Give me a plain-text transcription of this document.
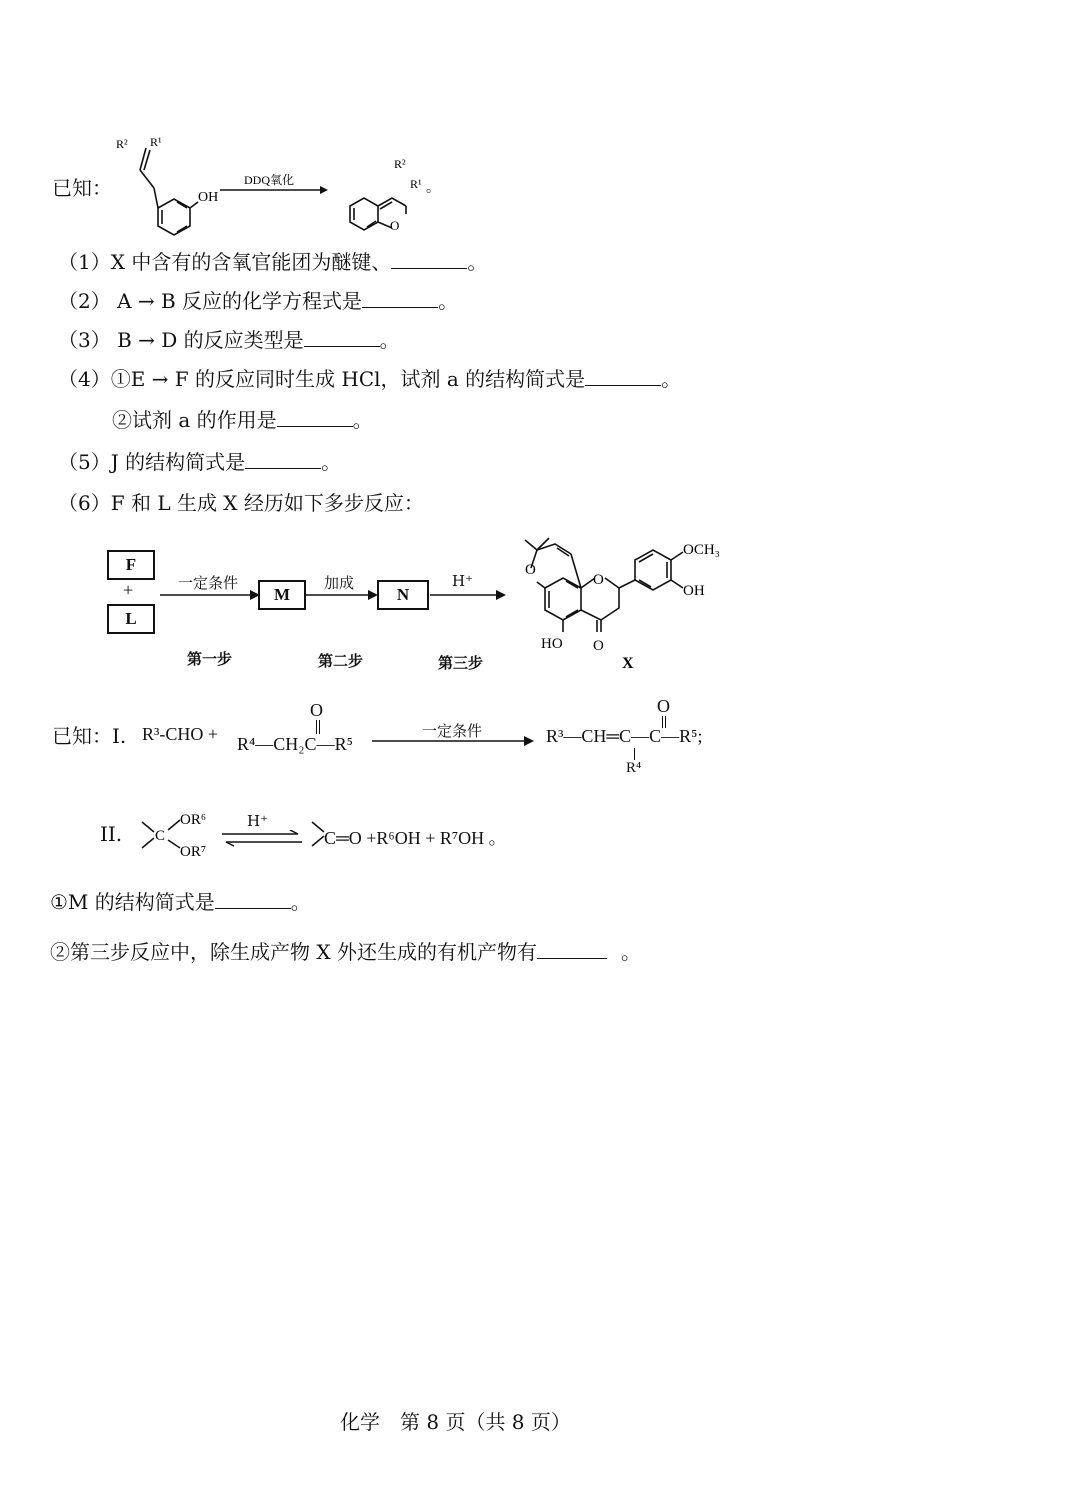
已知：	OH
R² R¹
DDQ氧化
O
R²
R¹ 。
（1）X 中含有的含氧官能团为醚键、	。
（2） A → B 反应的化学方程式是	。
（3） B → D 的反应类型是	。
（4）①E → F 的反应同时生成 HCl，试剂 a 的结构简式是	。
②试剂 a 的作用是	。
（5）J 的结构简式是	。
（6）F 和 L 生成 X 经历如下多步反应：
F
+
L
一定条件
M
加成
N
H⁺
第一步	第二步	第三步
O
O
O
HO
OCH₃
OH
X
已知：I. R³-CHO + R⁴—CH₂C—R⁵
O
一定条件	R³—CH═C—C—R⁵;
O
R⁴
II. C
OR⁶
OR⁷
H⁺
C═O +R⁶OH + R⁷OH 。
①M 的结构简式是	。
②第三步反应中，除生成产物 X 外还生成的有机产物有	。
化学　第 8 页（共 8 页）
